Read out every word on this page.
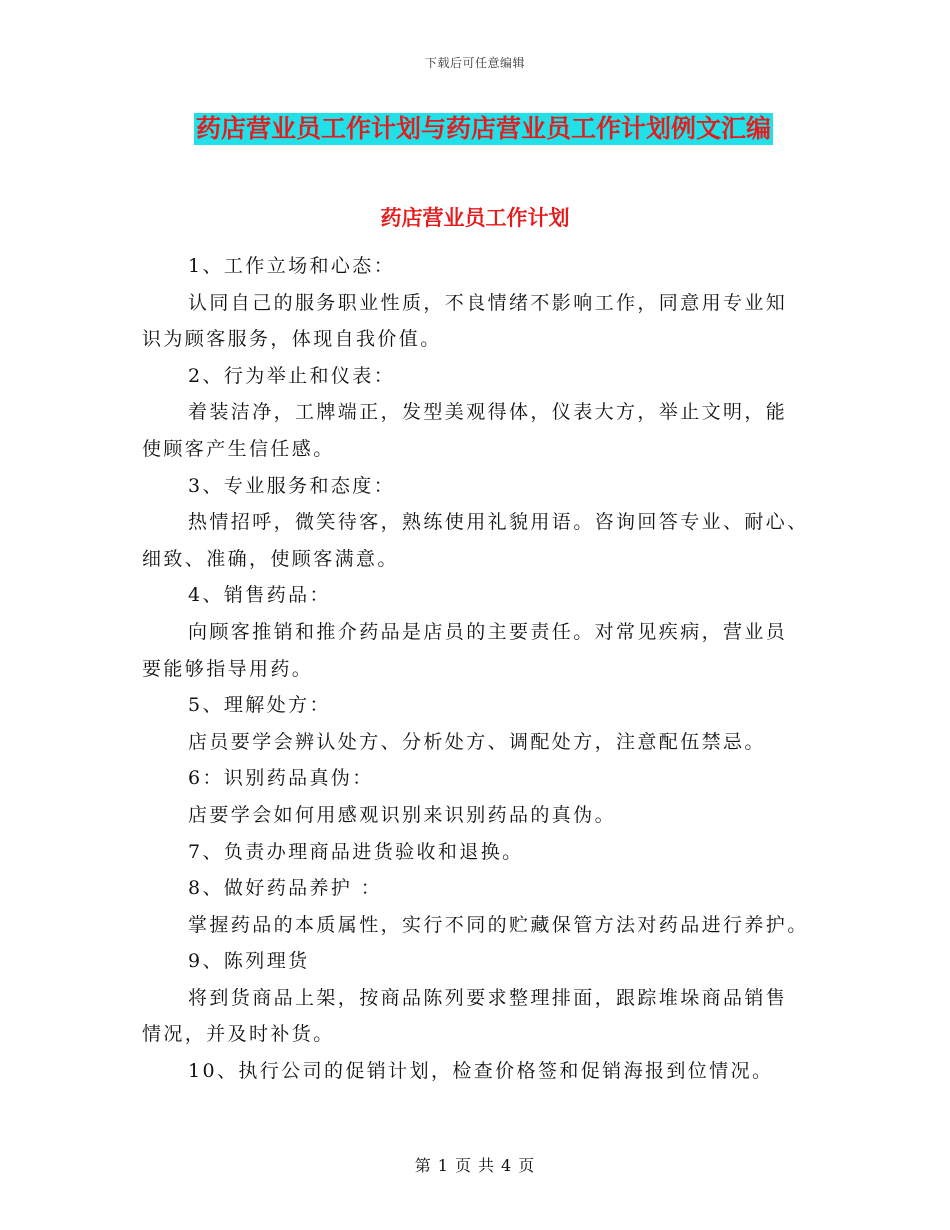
下载后可任意编辑
药店营业员工作计划与药店营业员工作计划例文汇编
药店营业员工作计划
1、工作立场和心态：
认同自己的服务职业性质，不良情绪不影响工作，同意用专业知
识为顾客服务，体现自我价值。
2、行为举止和仪表：
着装洁净，工牌端正，发型美观得体，仪表大方，举止文明，能
使顾客产生信任感。
3、专业服务和态度：
热情招呼，微笑待客，熟练使用礼貌用语。咨询回答专业、耐心、
细致、准确，使顾客满意。
4、销售药品：
向顾客推销和推介药品是店员的主要责任。对常见疾病，营业员
要能够指导用药。
5、理解处方：
店员要学会辨认处方、分析处方、调配处方，注意配伍禁忌。
6：识别药品真伪：
店要学会如何用感观识别来识别药品的真伪。
7、负责办理商品进货验收和退换。
8、做好药品养护 ：
掌握药品的本质属性，实行不同的贮藏保管方法对药品进行养护。
9、陈列理货
将到货商品上架，按商品陈列要求整理排面，跟踪堆垛商品销售
情况，并及时补货。
10、执行公司的促销计划，检查价格签和促销海报到位情况。
第 1 页 共 4 页
